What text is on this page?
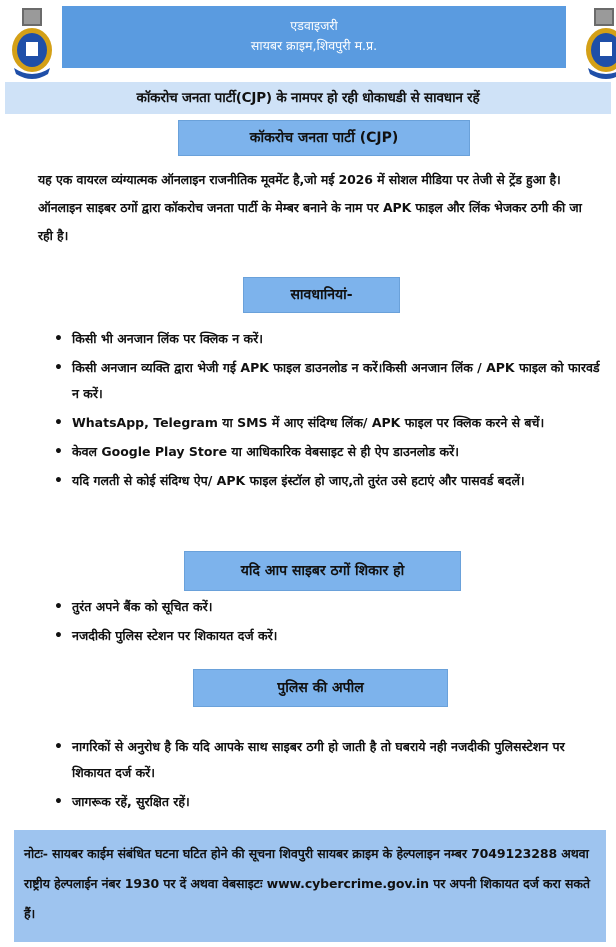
एडवाइजरी
सायबर क्राइम,शिवपुरी म.प्र.
कॉकरोच जनता पार्टी(CJP) के नामपर हो रही धोकाधडी से सावधान रहें
कॉकरोच जनता पार्टी (CJP)
यह एक वायरल व्यंग्यात्मक ऑनलाइन राजनीतिक मूवमेंट है,जो मई 2026 में सोशल मीडिया पर तेजी से ट्रेंड हुआ है। ऑनलाइन साइबर ठगों द्वारा कॉकरोच जनता पार्टी के मेम्बर बनाने के नाम पर APK फाइल और लिंक भेजकर ठगी की जा रही है।
सावधानियां-
• किसी भी अनजान लिंक पर क्लिक न करें।
• किसी अनजान व्यक्ति द्वारा भेजी गई APK फाइल डाउनलोड न करें।किसी अनजान लिंक / APK फाइल को फारवर्ड न करें।
• WhatsApp, Telegram या SMS में आए संदिग्ध लिंक/ APK फाइल पर क्लिक करने से बचें।
• केवल Google Play Store या आधिकारिक वेबसाइट से ही ऐप डाउनलोड करें।
• यदि गलती से कोई संदिग्ध ऐप/ APK फाइल इंस्टॉल हो जाए,तो तुरंत उसे हटाएं और पासवर्ड बदलें।
यदि आप साइबर ठगों शिकार हो
• तुरंत अपने बैंक को सूचित करें।
• नजदीकी पुलिस स्टेशन पर शिकायत दर्ज करें।
पुलिस की अपील
• नागरिकों से अनुरोध है कि यदि आपके साथ साइबर ठगी हो जाती है तो घबराये नही नजदीकी पुलिसस्टेशन पर शिकायत दर्ज करें।
• जागरूक रहें, सुरक्षित रहें।
नोटः- सायबर काईम संबंधित घटना घटित होने की सूचना शिवपुरी सायबर क्राइम के हेल्पलाइन नम्बर 7049123288 अथवा राष्ट्रीय हेल्पलाईन नंबर 1930 पर दें अथवा वेबसाइटः www.cybercrime.gov.in पर अपनी शिकायत दर्ज करा सकते हैं।
